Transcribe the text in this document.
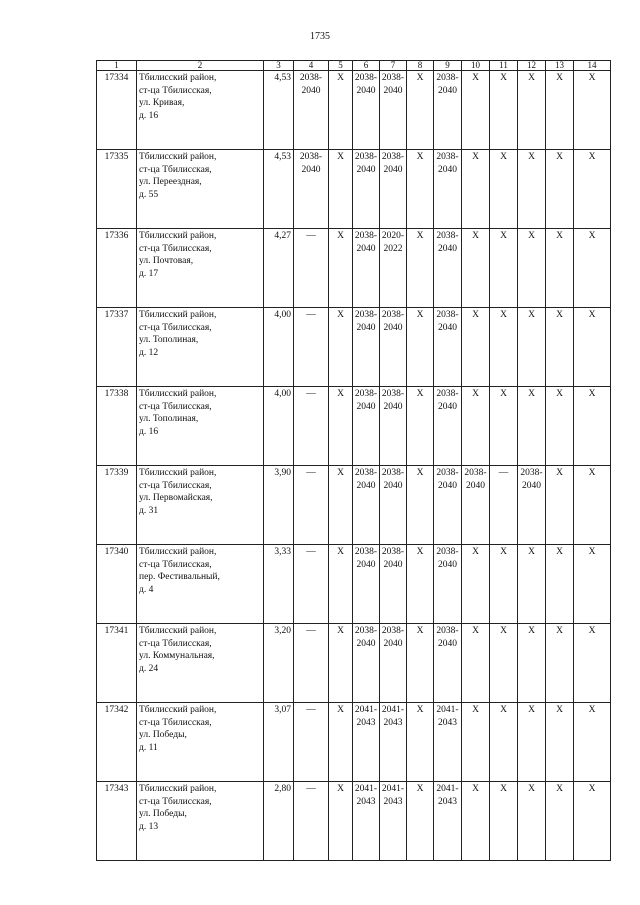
1735
1	2	3	4	5	6	7	8	9	10	11	12	13	14
17334	Тбилисский район,
ст-ца Тбилисская,
ул. Кривая,
д. 16	4,53	2038-
2040	X	2038-
2040	2038-
2040	X	2038-
2040	X	X	X	X	X

17335	Тбилисский район,
ст-ца Тбилисская,
ул. Переездная,
д. 55	4,53	2038-
2040	X	2038-
2040	2038-
2040	X	2038-
2040	X	X	X	X	X

17336	Тбилисский район,
ст-ца Тбилисская,
ул. Почтовая,
д. 17	4,27	—	X	2038-
2040	2020-
2022	X	2038-
2040	X	X	X	X	X

17337	Тбилисский район,
ст-ца Тбилисская,
ул. Тополиная,
д. 12	4,00	—	X	2038-
2040	2038-
2040	X	2038-
2040	X	X	X	X	X

17338	Тбилисский район,
ст-ца Тбилисская,
ул. Тополиная,
д. 16	4,00	—	X	2038-
2040	2038-
2040	X	2038-
2040	X	X	X	X	X

17339	Тбилисский район,
ст-ца Тбилисская,
ул. Первомайская,
д. 31	3,90	—	X	2038-
2040	2038-
2040	X	2038-
2040	2038-
2040	—	2038-
2040	X	X

17340	Тбилисский район,
ст-ца Тбилисская,
пер. Фестивальный,
д. 4	3,33	—	X	2038-
2040	2038-
2040	X	2038-
2040	X	X	X	X	X

17341	Тбилисский район,
ст-ца Тбилисская,
ул. Коммунальная,
д. 24	3,20	—	X	2038-
2040	2038-
2040	X	2038-
2040	X	X	X	X	X

17342	Тбилисский район,
ст-ца Тбилисская,
ул. Победы,
д. 11	3,07	—	X	2041-
2043	2041-
2043	X	2041-
2043	X	X	X	X	X

17343	Тбилисский район,
ст-ца Тбилисская,
ул. Победы,
д. 13	2,80	—	X	2041-
2043	2041-
2043	X	2041-
2043	X	X	X	X	X
